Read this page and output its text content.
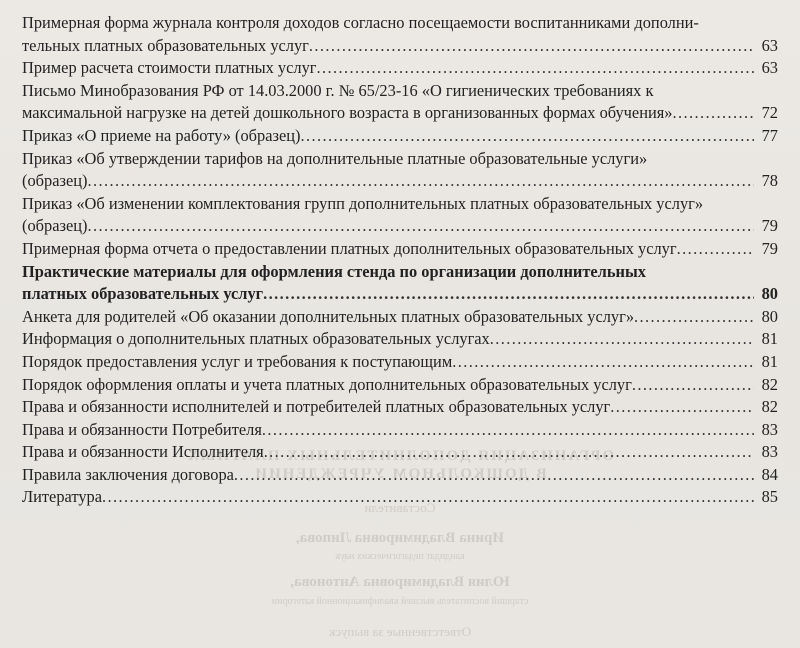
ОРГАНИЗАЦИЯ ДОПОЛНИТЕЛЬНЫХ ПЛАТНЫХ
В ДОШКОЛЬНОМ УЧРЕЖДЕНИИ
Составители
Ирина Владимировна Липова,
кандидат педагогических наук
Юлия Владимировна Антонова,
старший воспитатель высшей квалификационной категории
Ответственные за выпуск
Примерная форма журнала контроля доходов согласно посещаемости воспитанниками дополни-
тельных платных образовательных услуг .....	63
Пример расчета стоимости платных услуг .....	63
Письмо Минобразования РФ от 14.03.2000 г. № 65/23-16 «О гигиенических требованиях к
максимальной нагрузке на детей дошкольного возраста в организованных формах обучения» .....	72
Приказ «О приеме на работу» (образец) .....	77
Приказ «Об утверждении тарифов на дополнительные платные образовательные услуги»
(образец) .....	78
Приказ «Об изменении комплектования групп дополнительных платных образовательных услуг»
(образец) .....	79
Примерная форма отчета о предоставлении платных дополнительных образовательных услуг .....	79
Практические материалы для оформления стенда по организации дополнительных
платных образовательных услуг .....	80
Анкета для родителей «Об оказании дополнительных платных образовательных услуг» .....	80
Информация о дополнительных платных образовательных услугах .....	81
Порядок предоставления услуг и требования к поступающим .....	81
Порядок оформления оплаты и учета платных дополнительных образовательных услуг .....	82
Права и обязанности исполнителей и потребителей платных образовательных услуг .....	82
Права и обязанности Потребителя .....	83
Права и обязанности Исполнителя .....	83
Правила заключения договора .....	84
Литература .....	85
